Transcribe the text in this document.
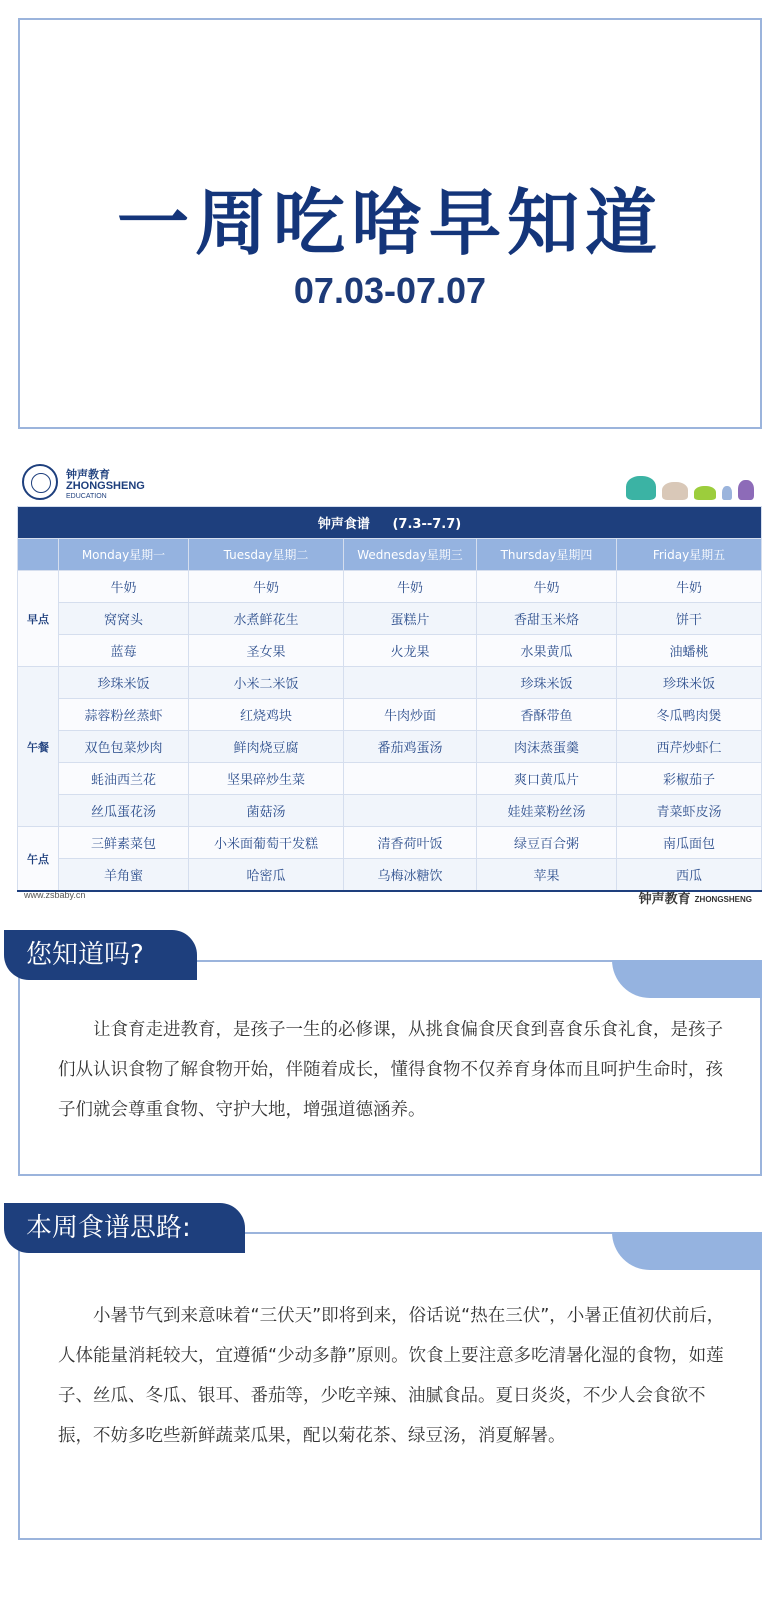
一周吃啥早知道
07.03-07.07
钟声教育
ZHONGSHENG
EDUCATION
钟声食谱 (7.3--7.7)					
	Monday星期一	Tuesday星期二	Wednesday星期三	Thursday星期四	Friday星期五
早点	牛奶	牛奶	牛奶	牛奶	牛奶
	窝窝头	水煮鲜花生	蛋糕片	香甜玉米烙	饼干
	蓝莓	圣女果	火龙果	水果黄瓜	油蟠桃
午餐	珍珠米饭	小米二米饭		珍珠米饭	珍珠米饭
	蒜蓉粉丝蒸虾	红烧鸡块	牛肉炒面	香酥带鱼	冬瓜鸭肉煲
	双色包菜炒肉	鲜肉烧豆腐	番茄鸡蛋汤	肉沫蒸蛋羹	西芹炒虾仁
	蚝油西兰花	坚果碎炒生菜		爽口黄瓜片	彩椒茄子
	丝瓜蛋花汤	菌菇汤		娃娃菜粉丝汤	青菜虾皮汤
午点	三鲜素菜包	小米面葡萄干发糕	清香荷叶饭	绿豆百合粥	南瓜面包
	羊角蜜	哈密瓜	乌梅冰糖饮	苹果	西瓜
www.zsbaby.cn	钟声教育 ZHONGSHENG
让食育走进教育，是孩子一生的必修课，从挑食偏食厌食到喜食乐食礼食，是孩子们从认识食物了解食物开始，伴随着成长，懂得食物不仅养育身体而且呵护生命时，孩子们就会尊重食物、守护大地，增强道德涵养。
您知道吗?
小暑节气到来意味着“三伏天”即将到来，俗话说“热在三伏”，小暑正值初伏前后，人体能量消耗较大，宜遵循“少动多静”原则。饮食上要注意多吃清暑化湿的食物，如莲子、丝瓜、冬瓜、银耳、番茄等，少吃辛辣、油腻食品。夏日炎炎，不少人会食欲不振，不妨多吃些新鲜蔬菜瓜果，配以菊花茶、绿豆汤，消夏解暑。
本周食谱思路:
